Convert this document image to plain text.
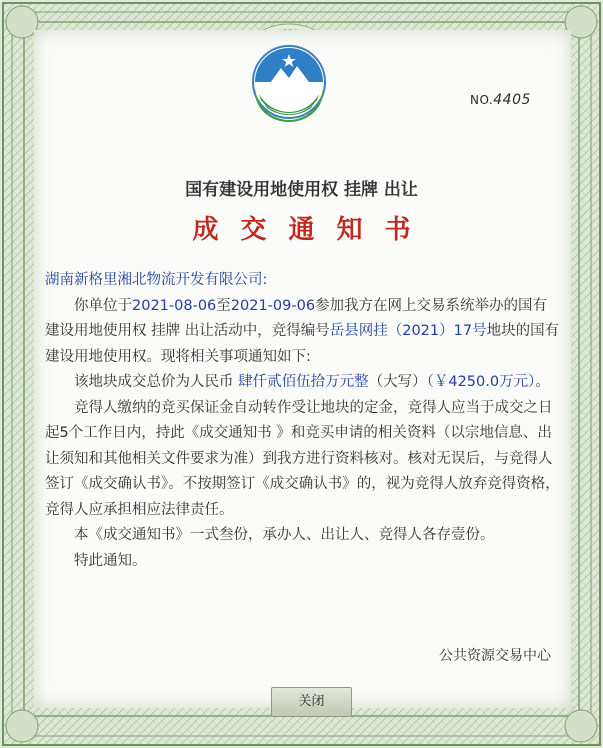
NO.4405
国有建设用地使用权 挂牌 出让
成交通知书

湖南新格里湘北物流开发有限公司:

你单位于2021-08-06至2021-09-06参加我方在网上交易系统举办的国有建设用地使用权 挂牌 出让活动中，竞得编号岳县网挂（2021）17号地块的国有建设用地使用权。现将相关事项通知如下:

该地块成交总价为人民币 肆仟贰佰伍拾万元整（大写）（￥4250.0万元）。

竞得人缴纳的竞买保证金自动转作受让地块的定金，竞得人应当于成交之日起5个工作日内，持此《成交通知书 》和竞买申请的相关资料（以宗地信息、出让须知和其他相关文件要求为准）到我方进行资料核对。核对无误后，与竞得人签订《成交确认书》。不按期签订《成交确认书》的，视为竞得人放弃竞得资格，竞得人应承担相应法律责任。

本《成交通知书》一式叁份，承办人、出让人、竞得人各存壹份。

特此通知。

公共资源交易中心
关闭
